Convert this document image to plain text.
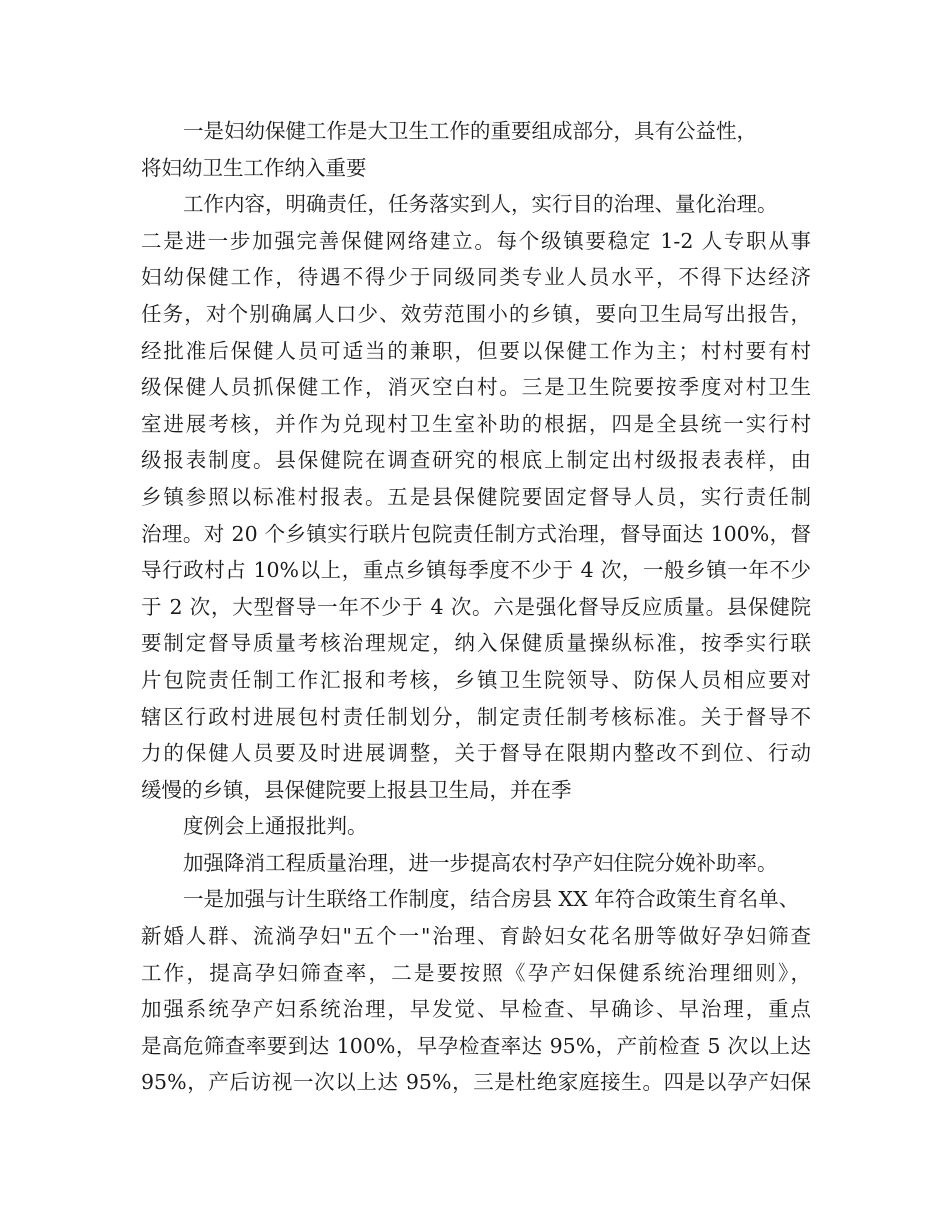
一是妇幼保健工作是大卫生工作的重要组成部分，具有公益性，
将妇幼卫生工作纳入重要
工作内容，明确责任，任务落实到人，实行目的治理、量化治理。
二是进一步加强完善保健网络建立。每个级镇要稳定 1-2 人专职从事
妇幼保健工作，待遇不得少于同级同类专业人员水平，不得下达经济
任务，对个别确属人口少、效劳范围小的乡镇，要向卫生局写出报告，
经批准后保健人员可适当的兼职，但要以保健工作为主；村村要有村
级保健人员抓保健工作，消灭空白村。三是卫生院要按季度对村卫生
室进展考核，并作为兑现村卫生室补助的根据，四是全县统一实行村
级报表制度。县保健院在调查研究的根底上制定出村级报表表样，由
乡镇参照以标准村报表。五是县保健院要固定督导人员，实行责任制
治理。对 20 个乡镇实行联片包院责任制方式治理，督导面达 100%，督
导行政村占 10%以上，重点乡镇每季度不少于 4 次，一般乡镇一年不少
于 2 次，大型督导一年不少于 4 次。六是强化督导反应质量。县保健院
要制定督导质量考核治理规定，纳入保健质量操纵标准，按季实行联
片包院责任制工作汇报和考核，乡镇卫生院领导、防保人员相应要对
辖区行政村进展包村责任制划分，制定责任制考核标准。关于督导不
力的保健人员要及时进展调整，关于督导在限期内整改不到位、行动
缓慢的乡镇，县保健院要上报县卫生局，并在季
度例会上通报批判。
加强降消工程质量治理，进一步提高农村孕产妇住院分娩补助率。
一是加强与计生联络工作制度，结合房县 XX 年符合政策生育名单、
新婚人群、流淌孕妇"五个一"治理、育龄妇女花名册等做好孕妇筛查
工作，提高孕妇筛查率，二是要按照《孕产妇保健系统治理细则》，
加强系统孕产妇系统治理，早发觉、早检查、早确诊、早治理，重点
是高危筛查率要到达 100%，早孕检查率达 95%，产前检查 5 次以上达
95%，产后访视一次以上达 95%，三是杜绝家庭接生。四是以孕产妇保
